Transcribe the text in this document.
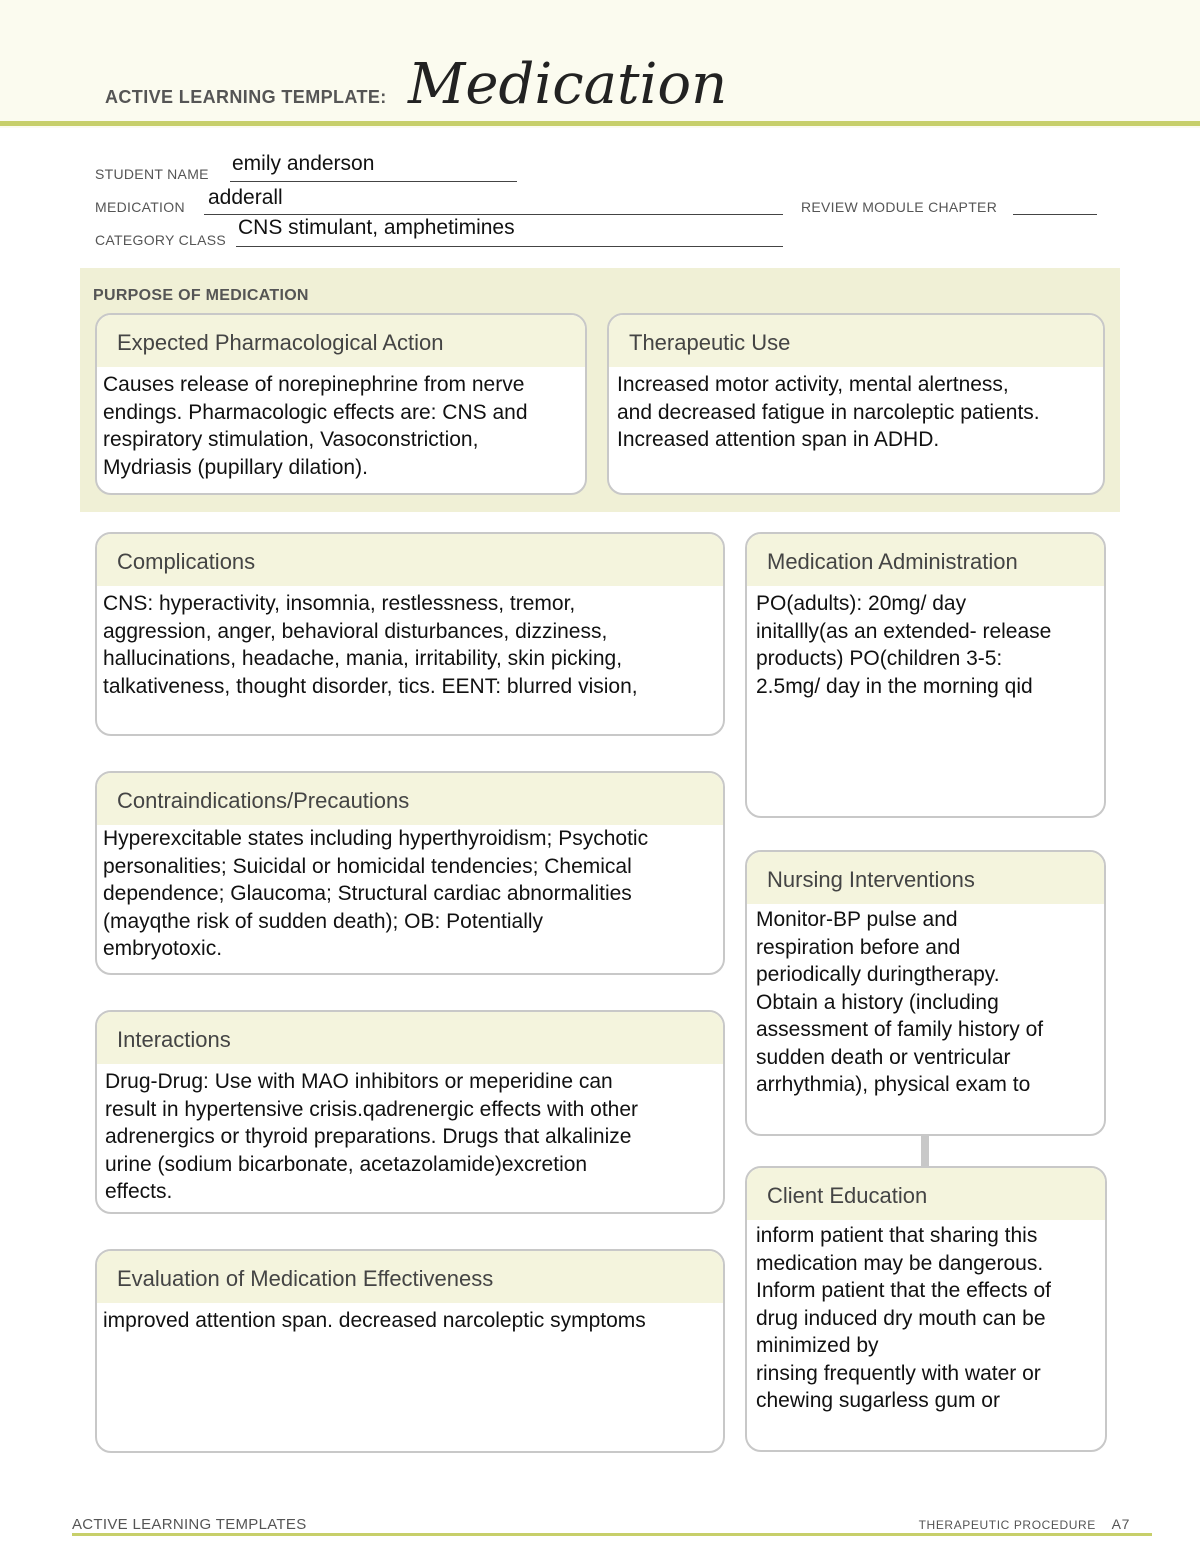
ACTIVE LEARNING TEMPLATE: Medication
STUDENT NAME emily anderson
MEDICATION adderall	REVIEW MODULE CHAPTER
CATEGORY CLASS
CNS stimulant, amphetimines
PURPOSE OF MEDICATION
Expected Pharmacological Action
Causes release of norepinephrine from nerve
endings. Pharmacologic effects are: CNS and
respiratory stimulation, Vasoconstriction,
Mydriasis (pupillary dilation).
Therapeutic Use
Increased motor activity, mental alertness,
and decreased fatigue in narcoleptic patients.
Increased attention span in ADHD.
Complications
CNS: hyperactivity, insomnia, restlessness, tremor,
aggression, anger, behavioral disturbances, dizziness,
hallucinations, headache, mania, irritability, skin picking,
talkativeness, thought disorder, tics. EENT: blurred vision,
Medication Administration
PO(adults): 20mg/ day
initallly(as an extended- release
products) PO(children 3-5:
2.5mg/ day in the morning qid
Contraindications/Precautions
Hyperexcitable states including hyperthyroidism; Psychotic
personalities; Suicidal or homicidal tendencies; Chemical
dependence; Glaucoma; Structural cardiac abnormalities
(mayqthe risk of sudden death); OB: Potentially
embryotoxic.
Nursing Interventions
Monitor-BP pulse and
respiration before and
periodically duringtherapy.
Obtain a history (including
assessment of family history of
sudden death or ventricular
arrhythmia), physical exam to
Interactions
Drug-Drug: Use with MAO inhibitors or meperidine can
result in hypertensive crisis.qadrenergic effects with other
adrenergics or thyroid preparations. Drugs that alkalinize
urine (sodium bicarbonate, acetazolamide)excretion
effects.	Client Education
inform patient that sharing this
medication may be dangerous.
Inform patient that the effects of
drug induced dry mouth can be
minimized by
rinsing frequently with water or
chewing sugarless gum or
Evaluation of Medication Effectiveness
improved attention span. decreased narcoleptic symptoms
ACTIVE LEARNING TEMPLATES	THERAPEUTIC PROCEDURE A7
